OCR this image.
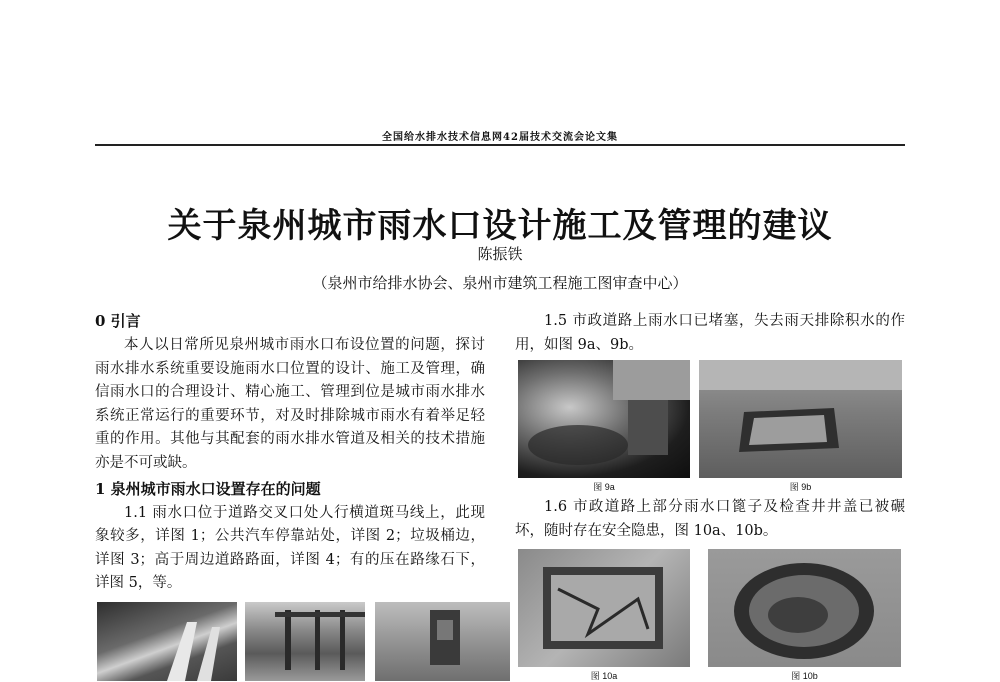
全国给水排水技术信息网42届技术交流会论文集
关于泉州城市雨水口设计施工及管理的建议
陈振铁
（泉州市给排水协会、泉州市建筑工程施工图审查中心）
0 引言

本人以日常所见泉州城市雨水口布设位置的问题，探讨雨水排水系统重要设施雨水口位置的设计、施工及管理，确信雨水口的合理设计、精心施工、管理到位是城市雨水排水系统正常运行的重要环节，对及时排除城市雨水有着举足轻重的作用。其他与其配套的雨水排水管道及相关的技术措施亦是不可或缺。

1 泉州城市雨水口设置存在的问题

1.1 雨水口位于道路交叉口处人行横道斑马线上，此现象较多，详图 1；公共汽车停靠站处，详图 2；垃圾桶边，详图 3；高于周边道路路面，详图 4；有的压在路缘石下，详图 5，等。

1.5 市政道路上雨水口已堵塞，失去雨天排除积水的作用，如图 9a、9b。

图 9a	图 9b

1.6 市政道路上部分雨水口篦子及检查井井盖已被碾坏，随时存在安全隐患，图 10a、10b。

图 10a	图 10b
